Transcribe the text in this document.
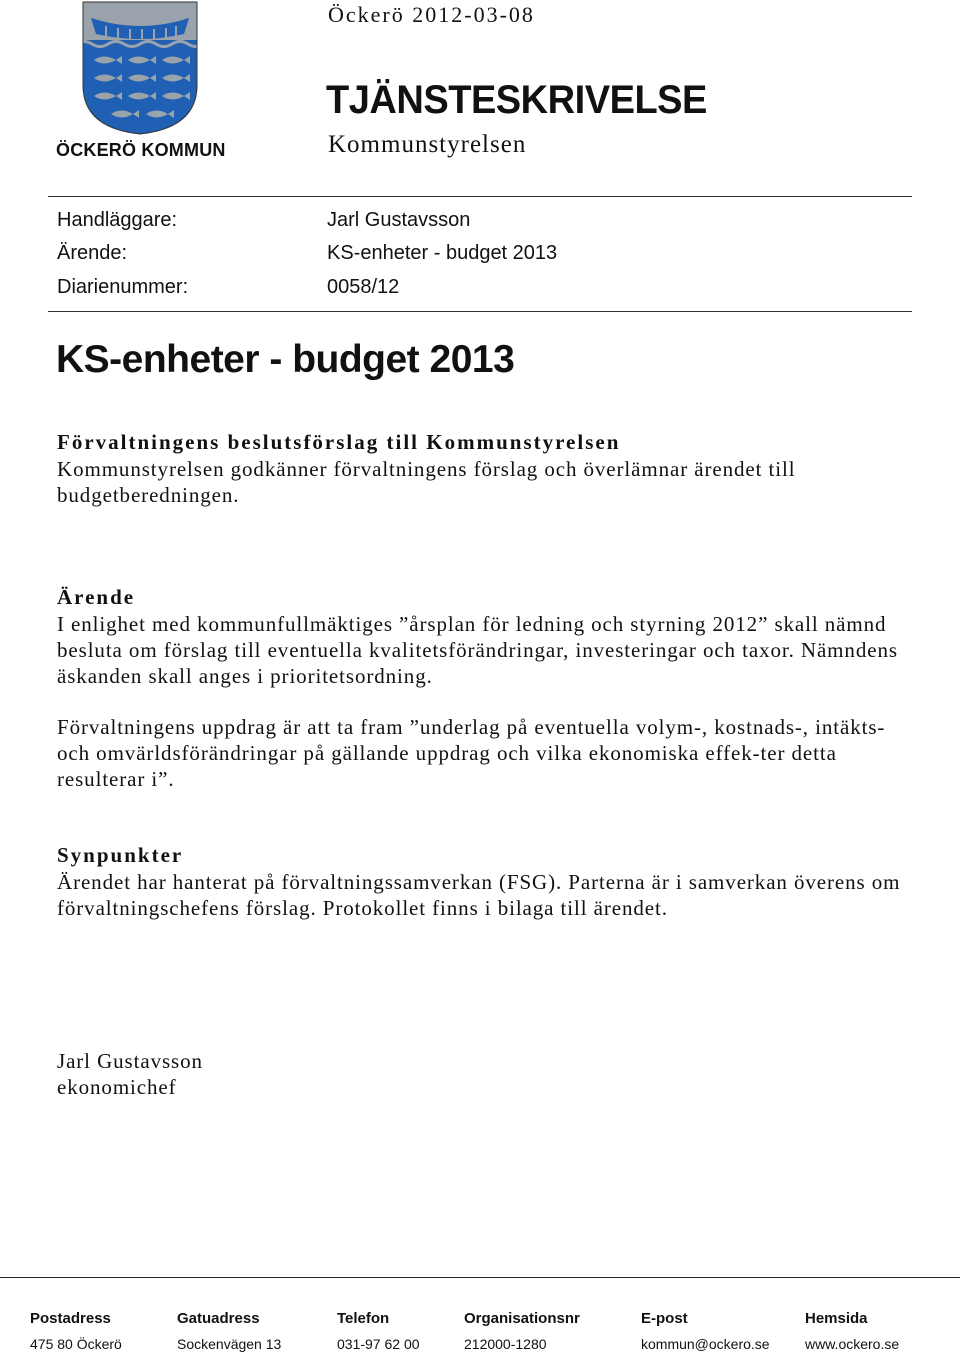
ÖCKERÖ KOMMUN
Öckerö 2012-03-08
TJÄNSTESKRIVELSE
Kommunstyrelsen
Handläggare:	Jarl Gustavsson
Ärende:	KS-enheter - budget 2013
Diarienummer:	0058/12
KS-enheter - budget 2013
Förvaltningens beslutsförslag till Kommunstyrelsen
Kommunstyrelsen godkänner förvaltningens förslag och överlämnar ärendet till budgetberedningen.
Ärende
I enlighet med kommunfullmäktiges ”årsplan för ledning och styrning 2012” skall nämnd besluta om förslag till eventuella kvalitetsförändringar, investeringar och taxor. Nämndens äskanden skall anges i prioritetsordning.
Förvaltningens uppdrag är att ta fram ”underlag på eventuella volym-, kostnads-, intäkts- och omvärldsförändringar på gällande uppdrag och vilka ekonomiska effek-ter detta resulterar i”.
Synpunkter
Ärendet har hanterat på förvaltningssamverkan (FSG). Parterna är i samverkan överens om förvaltningschefens förslag. Protokollet finns i bilaga till ärendet.
Jarl Gustavsson
ekonomichef
Postadress
475 80 Öckerö
Gatuadress
Sockenvägen 13
Telefon
031-97 62 00
Organisationsnr
212000-1280
E-post
kommun@ockero.se
Hemsida
www.ockero.se
